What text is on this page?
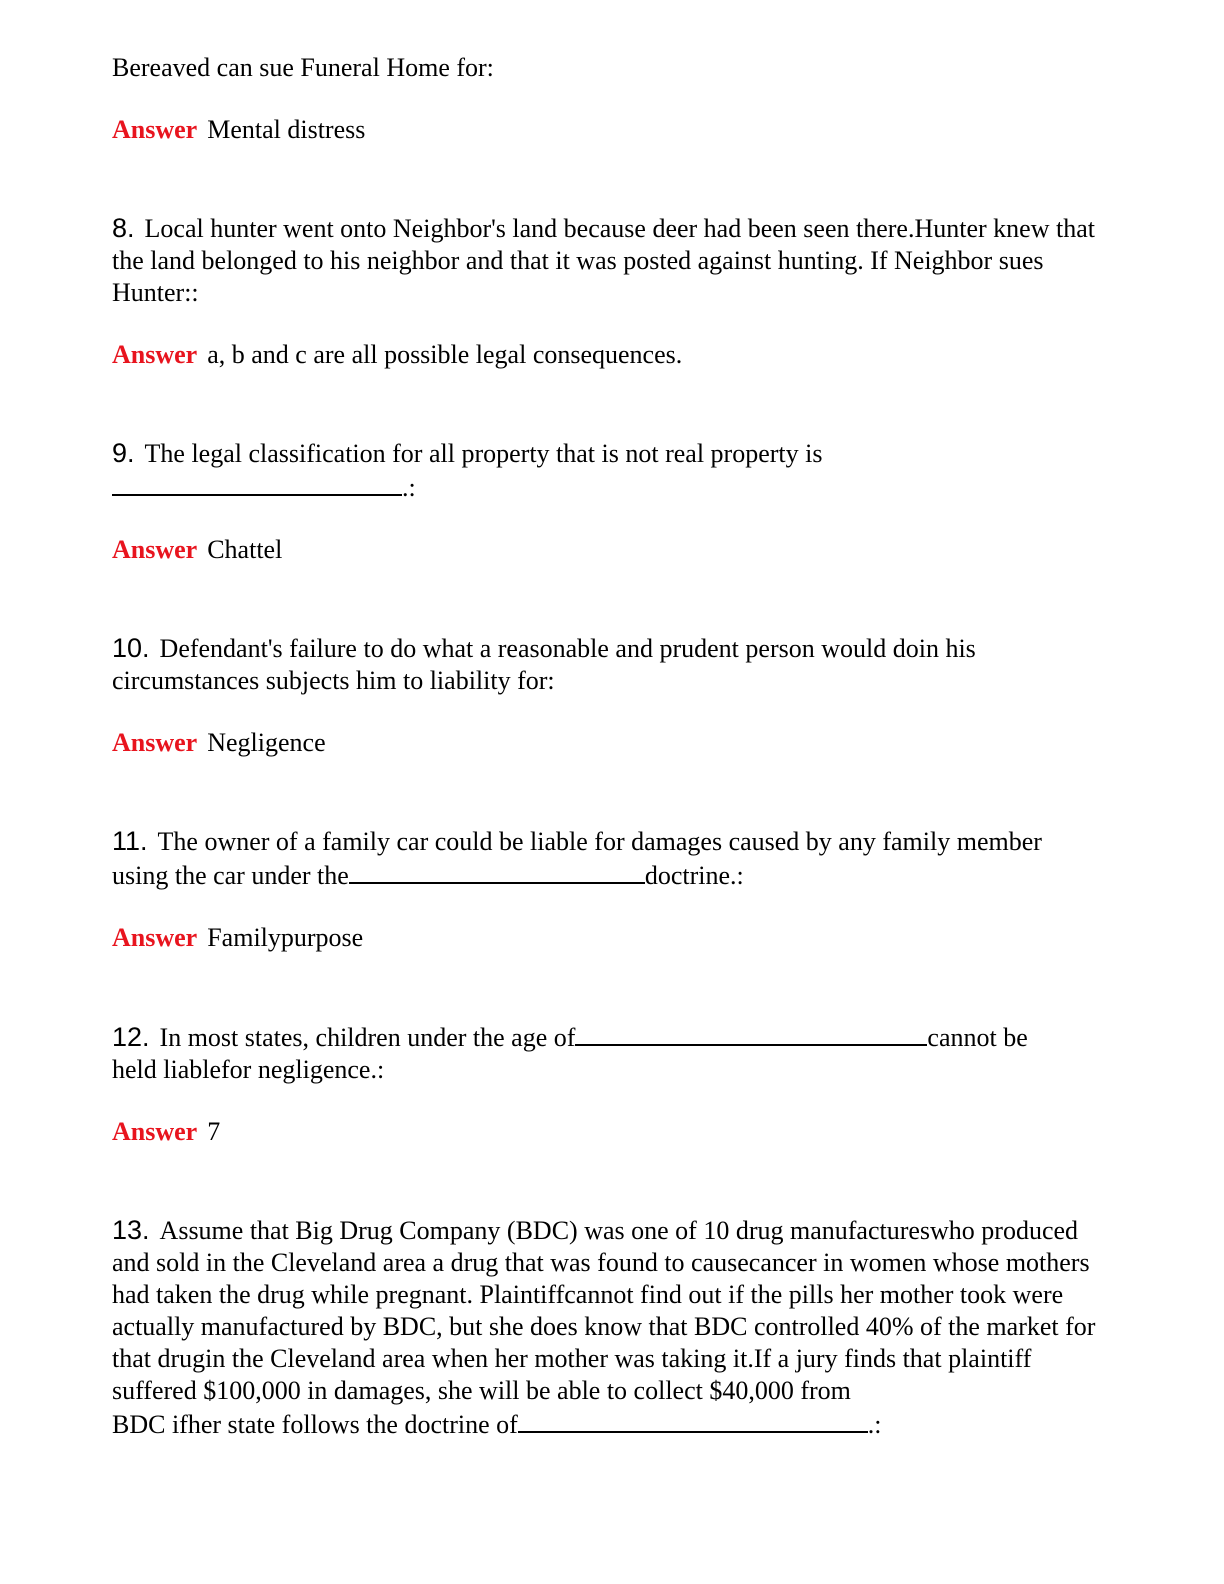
Bereaved can sue Funeral Home for:
Answer Mental distress
8. Local hunter went onto Neighbor's land because deer had been seen there.Hunter knew that the land belonged to his neighbor and that it was posted against hunting. If Neighbor sues Hunter::
Answer a, b and c are all possible legal consequences.
9. The legal classification for all property that is not real property is
.:
Answer Chattel
10. Defendant's failure to do what a reasonable and prudent person would doin his circumstances subjects him to liability for:
Answer Negligence
11. The owner of a family car could be liable for damages caused by any family member
using the car under the	doctrine.:
Answer Familypurpose
12. In most states, children under the age of	cannot be
held liablefor negligence.:
Answer 7
13. Assume that Big Drug Company (BDC) was one of 10 drug manufactureswho produced and sold in the Cleveland area a drug that was found to causecancer in women whose mothers had taken the drug while pregnant. Plaintiffcannot find out if the pills her mother took were actually manufactured by BDC, but she does know that BDC controlled 40% of the market for that drugin the Cleveland area when her mother was taking it.If a jury finds that plaintiff suffered $100,000 in damages, she will be able to collect $40,000 from
BDC ifher state follows the doctrine of	.:
